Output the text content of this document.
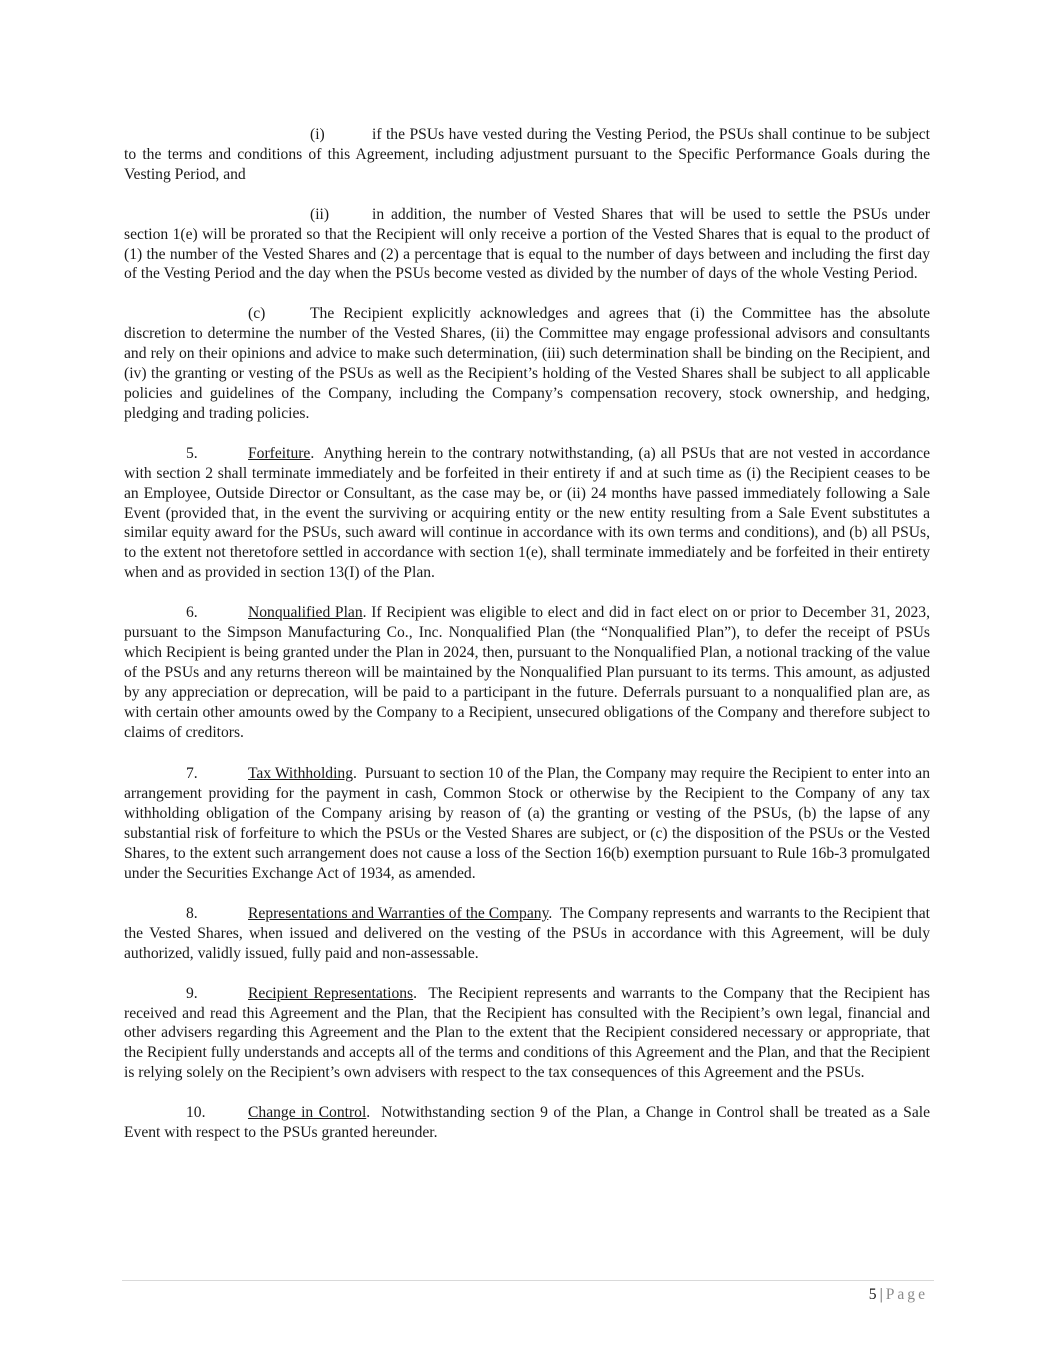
(i)	if the PSUs have vested during the Vesting Period, the PSUs shall continue to be subject to the terms and conditions of this Agreement, including adjustment pursuant to the Specific Performance Goals during the Vesting Period, and

(ii)	in addition, the number of Vested Shares that will be used to settle the PSUs under section 1(e) will be prorated so that the Recipient will only receive a portion of the Vested Shares that is equal to the product of (1) the number of the Vested Shares and (2) a percentage that is equal to the number of days between and including the first day of the Vesting Period and the day when the PSUs become vested as divided by the number of days of the whole Vesting Period.

(c)	The Recipient explicitly acknowledges and agrees that (i) the Committee has the absolute discretion to determine the number of the Vested Shares, (ii) the Committee may engage professional advisors and consultants and rely on their opinions and advice to make such determination, (iii) such determination shall be binding on the Recipient, and (iv) the granting or vesting of the PSUs as well as the Recipient’s holding of the Vested Shares shall be subject to all applicable policies and guidelines of the Company, including the Company’s compensation recovery, stock ownership, and hedging, pledging and trading policies.

5.	Forfeiture.  Anything herein to the contrary notwithstanding, (a) all PSUs that are not vested in accordance with section 2 shall terminate immediately and be forfeited in their entirety if and at such time as (i) the Recipient ceases to be an Employee, Outside Director or Consultant, as the case may be, or (ii) 24 months have passed immediately following a Sale Event (provided that, in the event the surviving or acquiring entity or the new entity resulting from a Sale Event substitutes a similar equity award for the PSUs, such award will continue in accordance with its own terms and conditions), and (b) all PSUs, to the extent not theretofore settled in accordance with section 1(e), shall terminate immediately and be forfeited in their entirety when and as provided in section 13(I) of the Plan.

6.	Nonqualified Plan. If Recipient was eligible to elect and did in fact elect on or prior to December 31, 2023, pursuant to the Simpson Manufacturing Co., Inc. Nonqualified Plan (the “Nonqualified Plan”), to defer the receipt of PSUs which Recipient is being granted under the Plan in 2024, then, pursuant to the Nonqualified Plan, a notional tracking of the value of the PSUs and any returns thereon will be maintained by the Nonqualified Plan pursuant to its terms. This amount, as adjusted by any appreciation or deprecation, will be paid to a participant in the future. Deferrals pursuant to a nonqualified plan are, as with certain other amounts owed by the Company to a Recipient, unsecured obligations of the Company and therefore subject to claims of creditors.

7.	Tax Withholding.  Pursuant to section 10 of the Plan, the Company may require the Recipient to enter into an arrangement providing for the payment in cash, Common Stock or otherwise by the Recipient to the Company of any tax withholding obligation of the Company arising by reason of (a) the granting or vesting of the PSUs, (b) the lapse of any substantial risk of forfeiture to which the PSUs or the Vested Shares are subject, or (c) the disposition of the PSUs or the Vested Shares, to the extent such arrangement does not cause a loss of the Section 16(b) exemption pursuant to Rule 16b-3 promulgated under the Securities Exchange Act of 1934, as amended.

8.	Representations and Warranties of the Company.  The Company represents and warrants to the Recipient that the Vested Shares, when issued and delivered on the vesting of the PSUs in accordance with this Agreement, will be duly authorized, validly issued, fully paid and non-assessable.

9.	Recipient Representations.  The Recipient represents and warrants to the Company that the Recipient has received and read this Agreement and the Plan, that the Recipient has consulted with the Recipient’s own legal, financial and other advisers regarding this Agreement and the Plan to the extent that the Recipient considered necessary or appropriate, that the Recipient fully understands and accepts all of the terms and conditions of this Agreement and the Plan, and that the Recipient is relying solely on the Recipient’s own advisers with respect to the tax consequences of this Agreement and the PSUs.

10.	Change in Control.  Notwithstanding section 9 of the Plan, a Change in Control shall be treated as a Sale Event with respect to the PSUs granted hereunder.

5 | Page
